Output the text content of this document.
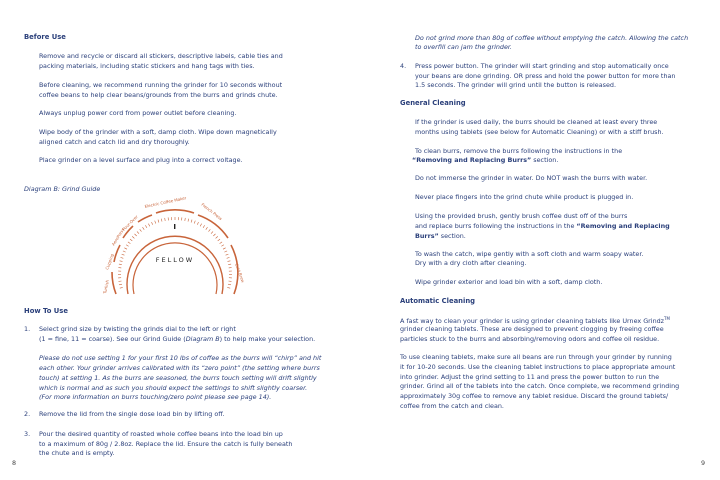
Before Use
Remove and recycle or discard all stickers, descriptive labels, cable ties and
packing materials, including static stickers and hang tags with ties.
Before cleaning, we recommend running the grinder for 10 seconds without
coffee beans to help clear beans/grounds from the burrs and grinds chute.
Always unplug power cord from power outlet before cleaning.
Wipe body of the grinder with a soft, damp cloth. Wipe down magnetically
aligned catch and catch lid and dry thoroughly.
Place grinder on a level surface and plug into a correct voltage.
Diagram B: Grind Guide
FELLOW
Turkish
Cupping
AeroPress
Pour-Over
Electric Coffee Maker	French Press
Cold Brew
How To Use
1. Select grind size by twisting the grinds dial to the left or right
(1 = fine, 11 = coarse). See our Grind Guide (Diagram B) to help make your selection.
Please do not use setting 1 for your first 10 lbs of coffee as the burrs will “chirp” and hit
each other. Your grinder arrives calibrated with its “zero point” (the setting where burrs
touch) at setting 1. As the burrs are seasoned, the burrs touch setting will drift slightly
which is normal and as such you should expect the settings to shift slightly coarser.
(For more information on burrs touching/zero point please see page 14).
2. Remove the lid from the single dose load bin by lifting off.
3. Pour the desired quantity of roasted whole coffee beans into the load bin up
to a maximum of 80g / 2.8oz. Replace the lid. Ensure the catch is fully beneath
the chute and is empty.
8
Do not grind more than 80g of coffee without emptying the catch. Allowing the catch
to overfill can jam the grinder.
4. Press power button. The grinder will start grinding and stop automatically once
your beans are done grinding. OR press and hold the power button for more than
1.5 seconds. The grinder will grind until the button is released.
General Cleaning
If the grinder is used daily, the burrs should be cleaned at least every three
months using tablets (see below for Automatic Cleaning) or with a stiff brush.
To clean burrs, remove the burrs following the instructions in the
“Removing and Replacing Burrs” section.
Do not immerse the grinder in water. Do NOT wash the burrs with water.
Never place fingers into the grind chute while product is plugged in.
Using the provided brush, gently brush coffee dust off of the burrs
and replace burrs following the instructions in the “Removing and Replacing
Burrs” section.
To wash the catch, wipe gently with a soft cloth and warm soapy water.
Dry with a dry cloth after cleaning.
Wipe grinder exterior and load bin with a soft, damp cloth.
Automatic Cleaning
A fast way to clean your grinder is using grinder cleaning tablets like Urnex Grindz™
grinder cleaning tablets. These are designed to prevent clogging by freeing coffee
particles stuck to the burrs and absorbing/removing odors and coffee oil residue.
To use cleaning tablets, make sure all beans are run through your grinder by running
it for 10-20 seconds. Use the cleaning tablet instructions to place appropriate amount
into grinder. Adjust the grind setting to 11 and press the power button to run the
grinder. Grind all of the tablets into the catch. Once complete, we recommend grinding
approximately 30g coffee to remove any tablet residue. Discard the ground tablets/
coffee from the catch and clean.
9
